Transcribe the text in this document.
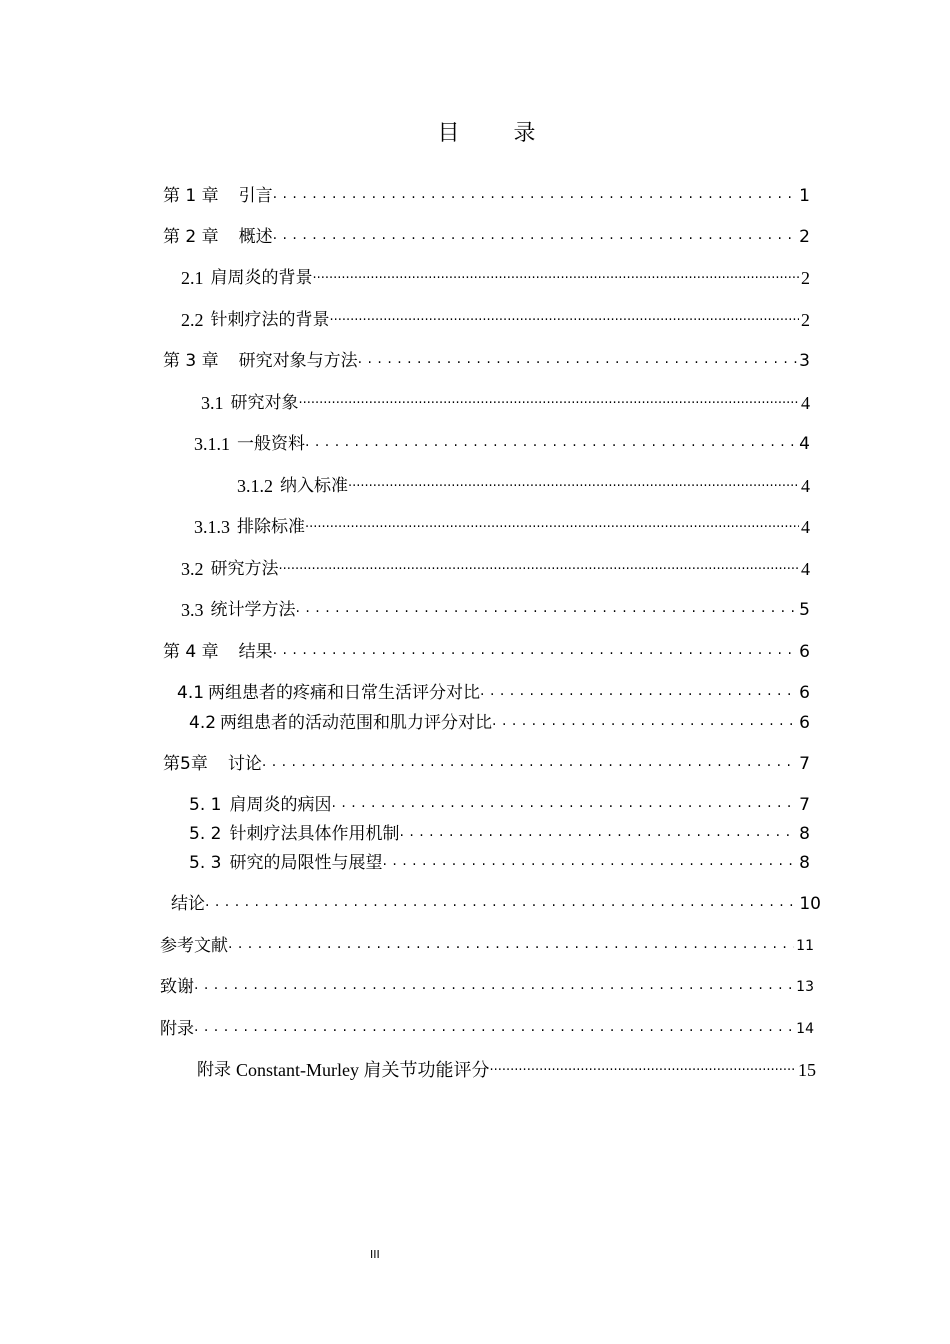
目 录
第 1 章 引言 . . .	1
第 2 章 概述 . . .	2
2.1 肩周炎的背景 .....	2
2.2 针刺疗法的背景 .....	2
第 3 章 研究对象与方法 . . .	3
3.1 研究对象 .....	4
3.1.1 一般资料 . . .	4
3.1.2 纳入标准 .....	4
3.1.3 排除标准 .....	4
3.2 研究方法 .....	4
3.3 统计学方法 . . .	5
第 4 章 结果 . . .	6
4.1 两组患者的疼痛和日常生活评分对比 . . .	6
4.2 两组患者的活动范围和肌力评分对比 . . .	6
第5章 讨论 . . .	7
5. 1 肩周炎的病因 . . .	7
5. 2 针刺疗法具体作用机制 . . .	8
5. 3 研究的局限性与展望 . . .	8
结论 . . .	10
参考文献 . . .	11
致谢 . . .	13
附录 . . .	14
附录 Constant-Murley 肩关节功能评分 .....	15
III
